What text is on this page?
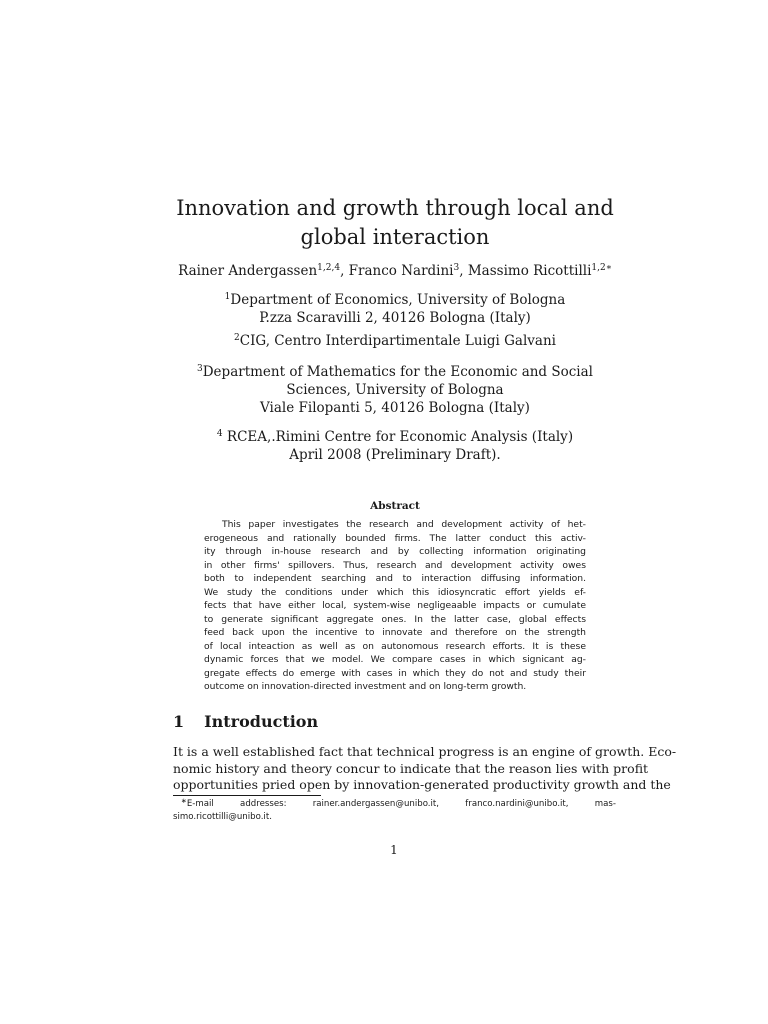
Innovation and growth through local and global interaction
Rainer Andergassen$^{1,2,4}$, Franco Nardini$^3$, Massimo Ricottilli$^{1,2∗}$
$^1$Department of Economics, University of Bologna
P.zza Scaravilli 2, 40126 Bologna (Italy)
$^2$CIG, Centro Interdipartimentale Luigi Galvani
$^3$Department of Mathematics for the Economic and Social
Sciences, University of Bologna
Viale Filopanti 5, 40126 Bologna (Italy)
$^4$ RCEA,.Rimini Centre for Economic Analysis (Italy)
April 2008 (Preliminary Draft).
Abstract
This paper investigates the research and development activity of het-
erogeneous and rationally bounded firms. The latter conduct this activ-
ity through in-house research and by collecting information originating
in other firms' spillovers. Thus, research and development activity owes
both to independent searching and to interaction diffusing information.
We study the conditions under which this idiosyncratic effort yields ef-
fects that have either local, system-wise negligeaable impacts or cumulate
to generate significant aggregate ones. In the latter case, global effects
feed back upon the incentive to innovate and therefore on the strength
of local inteaction as well as on autonomous research efforts. It is these
dynamic forces that we model. We compare cases in which signicant ag-
gregate effects do emerge with cases in which they do not and study their
outcome on innovation-directed investment and on long-term growth.
1 Introduction
It is a well established fact that technical progress is an engine of growth. Eco-
nomic history and theory concur to indicate that the reason lies with profit
opportunities pried open by innovation-generated productivity growth and the
∗E-mail addresses: rainer.andergassen@unibo.it, franco.nardini@unibo.it, mas-
simo.ricottilli@unibo.it.
1
